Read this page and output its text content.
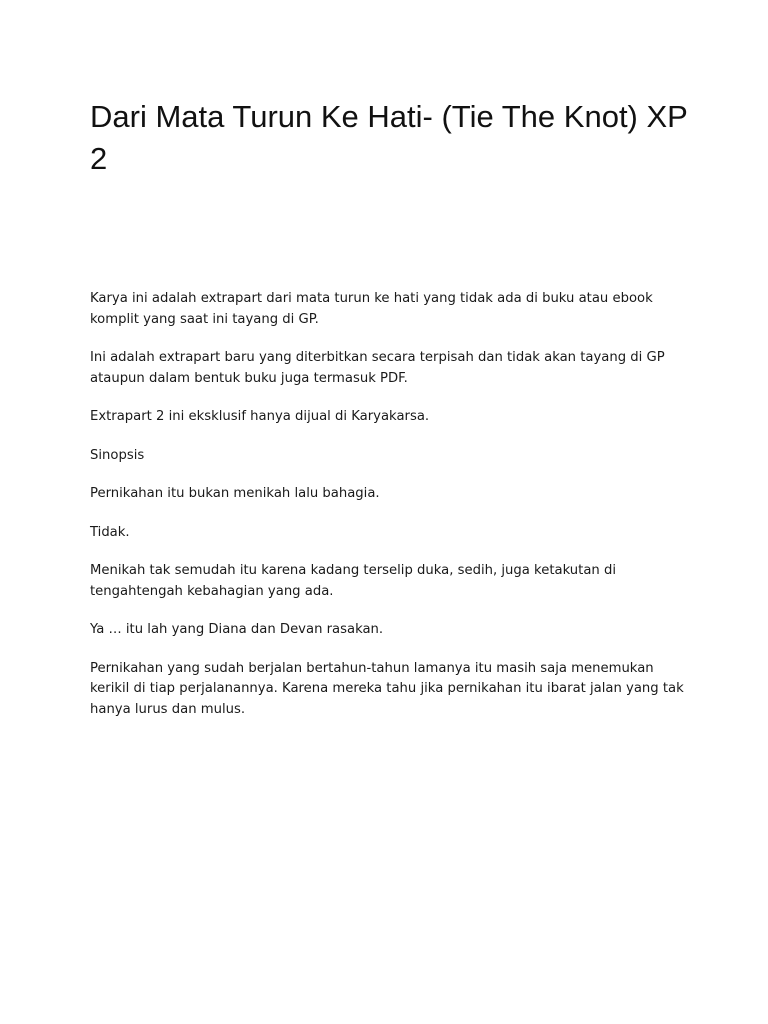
Dari Mata Turun Ke Hati- (Tie The Knot) XP 2

Karya ini adalah extrapart dari mata turun ke hati yang tidak ada di buku atau ebook komplit yang saat ini tayang di GP.

Ini adalah extrapart baru yang diterbitkan secara terpisah dan tidak akan tayang di GP ataupun dalam bentuk buku juga termasuk PDF.

Extrapart 2 ini eksklusif hanya dijual di Karyakarsa.

Sinopsis

Pernikahan itu bukan menikah lalu bahagia.

Tidak.

Menikah tak semudah itu karena kadang terselip duka, sedih, juga ketakutan di tengahtengah kebahagian yang ada.

Ya … itu lah yang Diana dan Devan rasakan.

Pernikahan yang sudah berjalan bertahun-tahun lamanya itu masih saja menemukan kerikil di tiap perjalanannya. Karena mereka tahu jika pernikahan itu ibarat jalan yang tak hanya lurus dan mulus.
